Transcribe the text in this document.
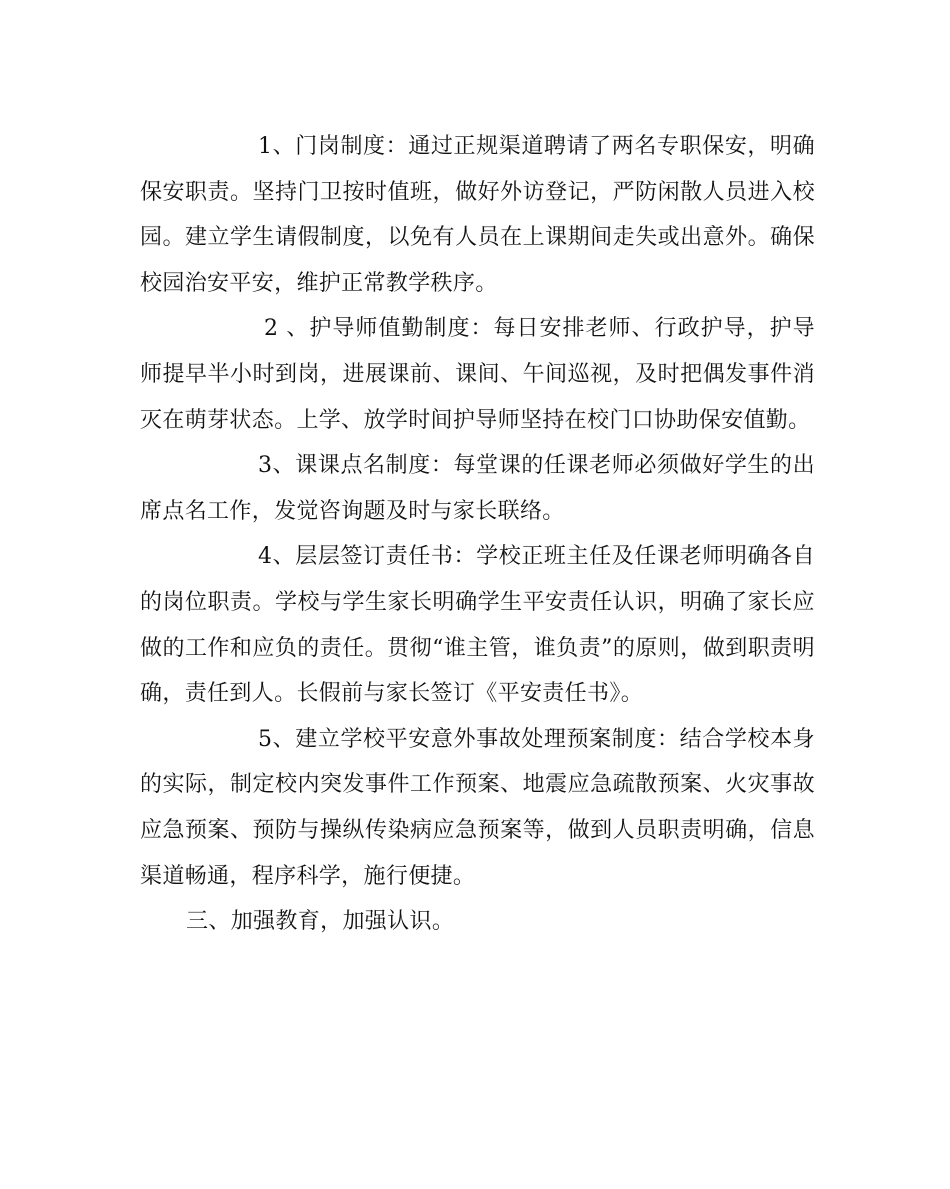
1、门岗制度：通过正规渠道聘请了两名专职保安，明确保安职责。坚持门卫按时值班，做好外访登记，严防闲散人员进入校园。建立学生请假制度，以免有人员在上课期间走失或出意外。确保校园治安平安，维护正常教学秩序。

2 、护导师值勤制度：每日安排老师、行政护导，护导师提早半小时到岗，进展课前、课间、午间巡视，及时把偶发事件消灭在萌芽状态。上学、放学时间护导师坚持在校门口协助保安值勤。

3、课课点名制度：每堂课的任课老师必须做好学生的出席点名工作，发觉咨询题及时与家长联络。

4、层层签订责任书：学校正班主任及任课老师明确各自的岗位职责。学校与学生家长明确学生平安责任认识，明确了家长应做的工作和应负的责任。贯彻“谁主管，谁负责”的原则，做到职责明确，责任到人。长假前与家长签订《平安责任书》。

5、建立学校平安意外事故处理预案制度：结合学校本身的实际，制定校内突发事件工作预案、地震应急疏散预案、火灾事故应急预案、预防与操纵传染病应急预案等，做到人员职责明确，信息渠道畅通，程序科学，施行便捷。

三、加强教育，加强认识。
